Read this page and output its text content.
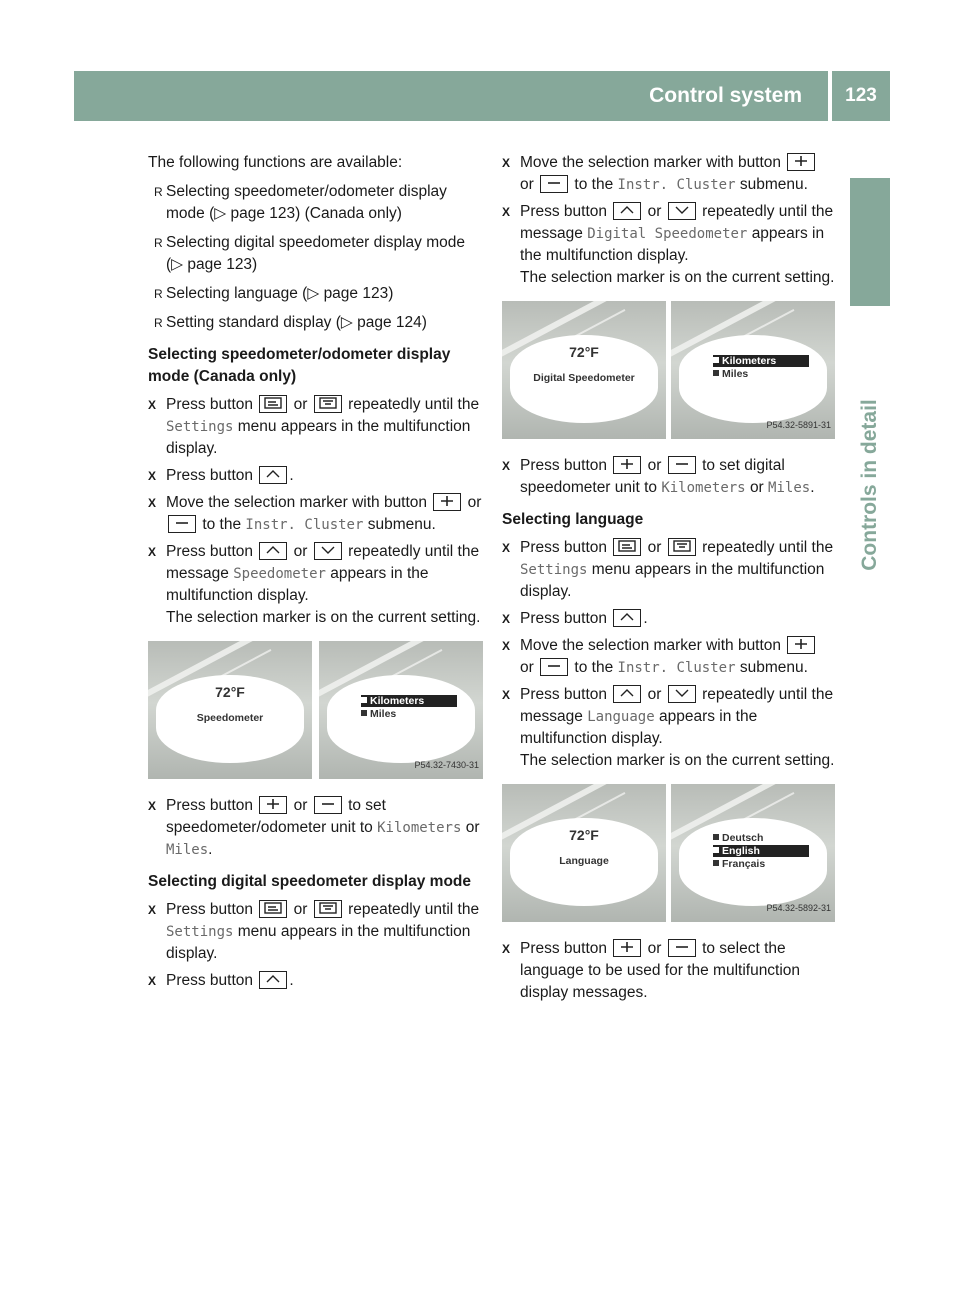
Control system	123
Controls in detail

The following functions are available:

R Selecting speedometer/odometer display mode (▷ page 123) (Canada only)
R Selecting digital speedometer display mode (▷ page 123)
R Selecting language (▷ page 123)
R Setting standard display (▷ page 124)

Selecting speedometer/odometer display mode (Canada only)

X Press button	or	repeatedly until the Settings menu appears in the multifunction display.
X Press button .
X Move the selection marker with button	or
to the Instr. Cluster submenu.
X Press button	or	repeatedly until the message Speedometer appears in the multifunction display.
The selection marker is on the current setting.
72°F
Speedometer
Kilometers
Miles
P54.32-7430-31
X Press button	or	to set speedometer/odometer unit to Kilometers or Miles.

Selecting digital speedometer display mode

X Press button	or	repeatedly until the Settings menu appears in the multifunction display.
X Press button .
X Move the selection marker with button
or	to the Instr. Cluster submenu.
X Press button	or	repeatedly until the message Digital Speedometer appears in the multifunction display.
The selection marker is on the current setting.
72°F
Digital Speedometer
Kilometers
Miles
P54.32-5891-31
X Press button	or	to set digital speedometer unit to Kilometers or Miles.

Selecting language

X Press button	or	repeatedly until the Settings menu appears in the multifunction display.
X Press button .
X Move the selection marker with button
or	to the Instr. Cluster submenu.
X Press button	or	repeatedly until the message Language appears in the multifunction display.
The selection marker is on the current setting.
72°F
Language
Deutsch
English
Français
P54.32-5892-31
X Press button	or	to select the language to be used for the multifunction display messages.
